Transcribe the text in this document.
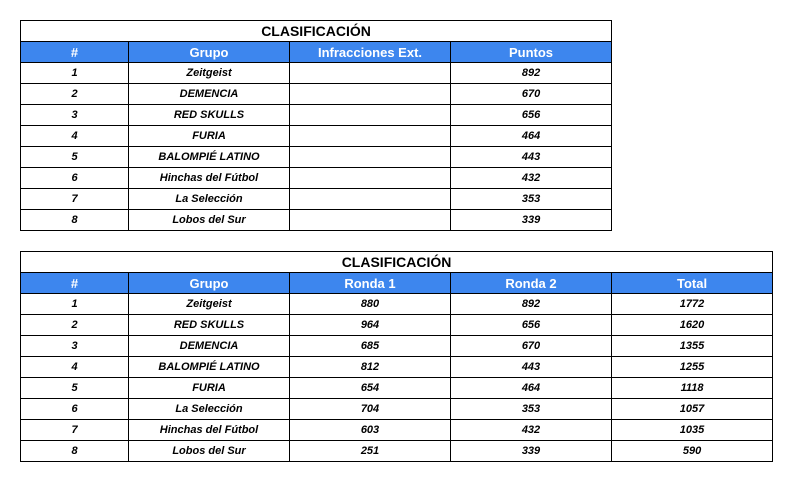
CLASIFICACIÓN			
#	Grupo	Infracciones Ext.	Puntos
1	Zeitgeist		892
2	DEMENCIA		670
3	RED SKULLS		656
4	FURIA		464
5	BALOMPIÉ LATINO		443
6	Hinchas del Fútbol		432
7	La Selección		353
8	Lobos del Sur		339
CLASIFICACIÓN				
#	Grupo	Ronda 1	Ronda 2	Total
1	Zeitgeist	880	892	1772
2	RED SKULLS	964	656	1620
3	DEMENCIA	685	670	1355
4	BALOMPIÉ LATINO	812	443	1255
5	FURIA	654	464	1118
6	La Selección	704	353	1057
7	Hinchas del Fútbol	603	432	1035
8	Lobos del Sur	251	339	590
